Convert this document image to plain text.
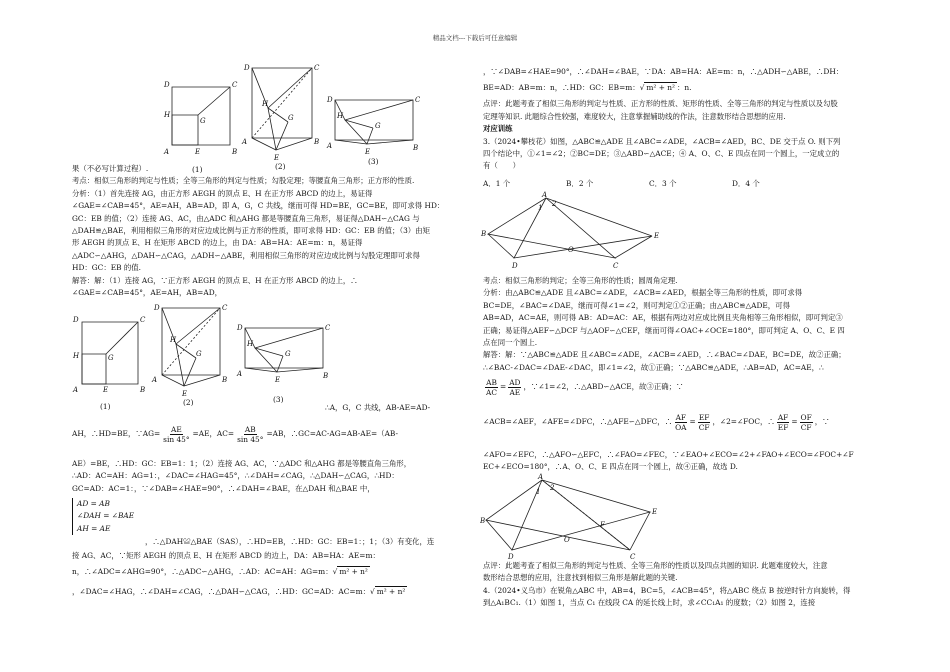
精品文档---下载后可任意编辑
D	C
H
G
A	E	B
(1)
D	C
H
G
A
E
B
(2)
D	C
H
G
A
E	B
(3)

果（不必写计算过程）.

考点：相似三角形的判定与性质；全等三角形的判定与性质；勾股定理；等腰直角三角形；正方形的性质.

分析：（1）首先连接 AG，由正方形 AEGH 的顶点 E、H 在正方形 ABCD 的边上，易证得

∠GAE=∠CAB=45°，AE=AH，AB=AD，即 A，G，C 共线，继而可得 HD=BE，GC=BE，即可求得 HD：

GC：EB 的值；（2）连接 AG、AC，由△ADC 和△AHG 都是等腰直角三角形，易证得△DAH∽△CAG 与

△DAH≌△BAE，利用相似三角形的对应边成比例与正方形的性质，即可求得 HD：GC：EB 的值；（3）由矩

形 AEGH 的顶点 E、H 在矩形 ABCD 的边上，由 DA：AB=HA：AE=m：n，易证得

△ADC∽△AHG，△DAH∽△CAG，△ADH∽△ABE，利用相似三角形的对应边成比例与勾股定理即可求得

HD：GC：EB 的值.

解答：解：（1）连接 AG，∵正方形 AEGH 的顶点 E、H 在正方形 ABCD 的边上，∴

∠GAE=∠CAB=45°，AE=AH，AB=AD，

D	C
H	G
A	E	B
(1)
D	C
H
G
A
E
B
(2)
D	C
H
G
A
E	B
(3)

∴A，G，C 共线，AB-AE=AD-

AH，∴HD=BE，∵AG= $\frac{AE}{\sin 45^\circ} =AE$，$AC= \frac{AB}{\sin 45^\circ} =AB$，∴GC=AC-AG=AB-AE=（AB-

AE）=BE，∴HD：GC：EB=1：1；（2）连接 AG、AC，∵△ADC 和△AHG 都是等腰直角三角形，

∴AD：AC=AH：AG=1：，∠DAC=∠HAG=45°，∴∠DAH=∠CAG，∴△DAH∽△CAG，∴HD：

GC=AD：AC=1：，∵∠DAB=∠HAE=90°，∴∠DAH=∠BAE，在△DAH 和△BAE 中，

AD = AB

∠DAH = ∠BAE

AH = AE

，∴△DAH≌△BAE（SAS），∴HD=EB，∴HD：GC：EB=1：；1；（3）有变化，连

接 AG、AC，∵矩形 AEGH 的顶点 E、H 在矩形 ABCD 的边上，DA：AB=HA：AE=m：

n，∴∠ADC=∠AHG=90°，∴△ADC∽△AHG，∴AD：AC=AH：AG=m：√ m² + n²

，∠DAC=∠HAG，∴∠DAH=∠CAG，∴△DAH∽△CAG，∴HD：GC=AD：AC=m：√ m² + n²

，∵∠DAB=∠HAE=90°，∴∠DAH=∠BAE，∵DA：AB=HA：AE=m：n，∴△ADH∽△ABE，∴DH：

BE=AD：AB=m：n，∴HD：GC：EB=m：√ m² + n² ：n.

点评：此题考查了相似三角形的判定与性质、正方形的性质、矩形的性质、全等三角形的判定与性质以及勾股

定理等知识. 此题综合性较强，难度较大，注意掌握辅助线的作法，注意数形结合思想的应用.

对应训练

3.（2024•攀枝花）如图，△ABC≌△ADE 且∠ABC=∠ADE，∠ACB=∠AED，BC、DE 交于点 O. 则下列

四个结论中，①∠1=∠2；②BC=DE；③△ABD∽△ACE；④ A、O、C、E 四点在同一个圆上，一定成立的

有（　　）

A．1 个	B．2 个	C．3 个	D．4 个
A
B
D	C
E
O
1 2

考点：相似三角形的判定；全等三角形的性质；圆周角定理.

分析：由△ABC≌△ADE 且∠ABC=∠ADE，∠ACB=∠AED，根据全等三角形的性质，即可求得

BC=DE，∠BAC=∠DAE，继而可得∠1=∠2，则可判定①②正确；由△ABC≌△ADE，可得

AB=AD，AC=AE，则可得 AB：AD=AC：AE，根据有两边对应成比例且夹角相等三角形相似，即可判定③

正确；易证得△AEF∽△DCF 与△AOF∽△CEF，继而可得∠OAC+∠OCE=180°，即可判定 A、O、C、E 四

点在同一个圆上.

解答：解：∵△ABC≌△ADE 且∠ABC=∠ADE，∠ACB=∠AED，∴∠BAC=∠DAE，BC=DE，故②正确；

∴∠BAC-∠DAC=∠DAE-∠DAC，即∠1=∠2，故①正确；∵△ABC≌△ADE，∴AB=AD，AC=AE，∴

$\frac{AB}{AC} = \frac{AD}{AE}$ ，∵∠1=∠2，∴△ABD∽△ACE，故③正确；∵

∠ACB=∠AEF，∠AFE=∠DFC，∴△AFE∽△DFC，∴ $\frac{AF}{OA} = \frac{EF}{CF}$ ，∠2=∠FOC，∴ $\frac{AF}{EF} = \frac{OF}{CF}$ ，∵

∠AFO=∠EFC，∴△AFO∽△EFC，∴∠FAO=∠FEC，∵∠EAO+∠ECO=∠2+∠FAO+∠ECO=∠FOC+∠F

EC+∠ECO=180°，∴A、O、C、E 四点在同一个圆上，故④正确，故选 D.

A
B
D	C
E
O
F
1 2

点评：此题考查了相似三角形的判定与性质、全等三角形的性质以及四点共圆的知识. 此题难度较大，注意

数形结合思想的应用，注意找到相似三角形是解此题的关键.

4.（2024•义乌市）在锐角△ABC 中，AB=4，BC=5，∠ACB=45°，将△ABC 绕点 B 按逆时针方向旋转，得

到△A₁BC₁.（1）如图 1，当点 C₁ 在线段 CA 的延长线上时，求∠CC₁A₁ 的度数；（2）如图 2，连接
